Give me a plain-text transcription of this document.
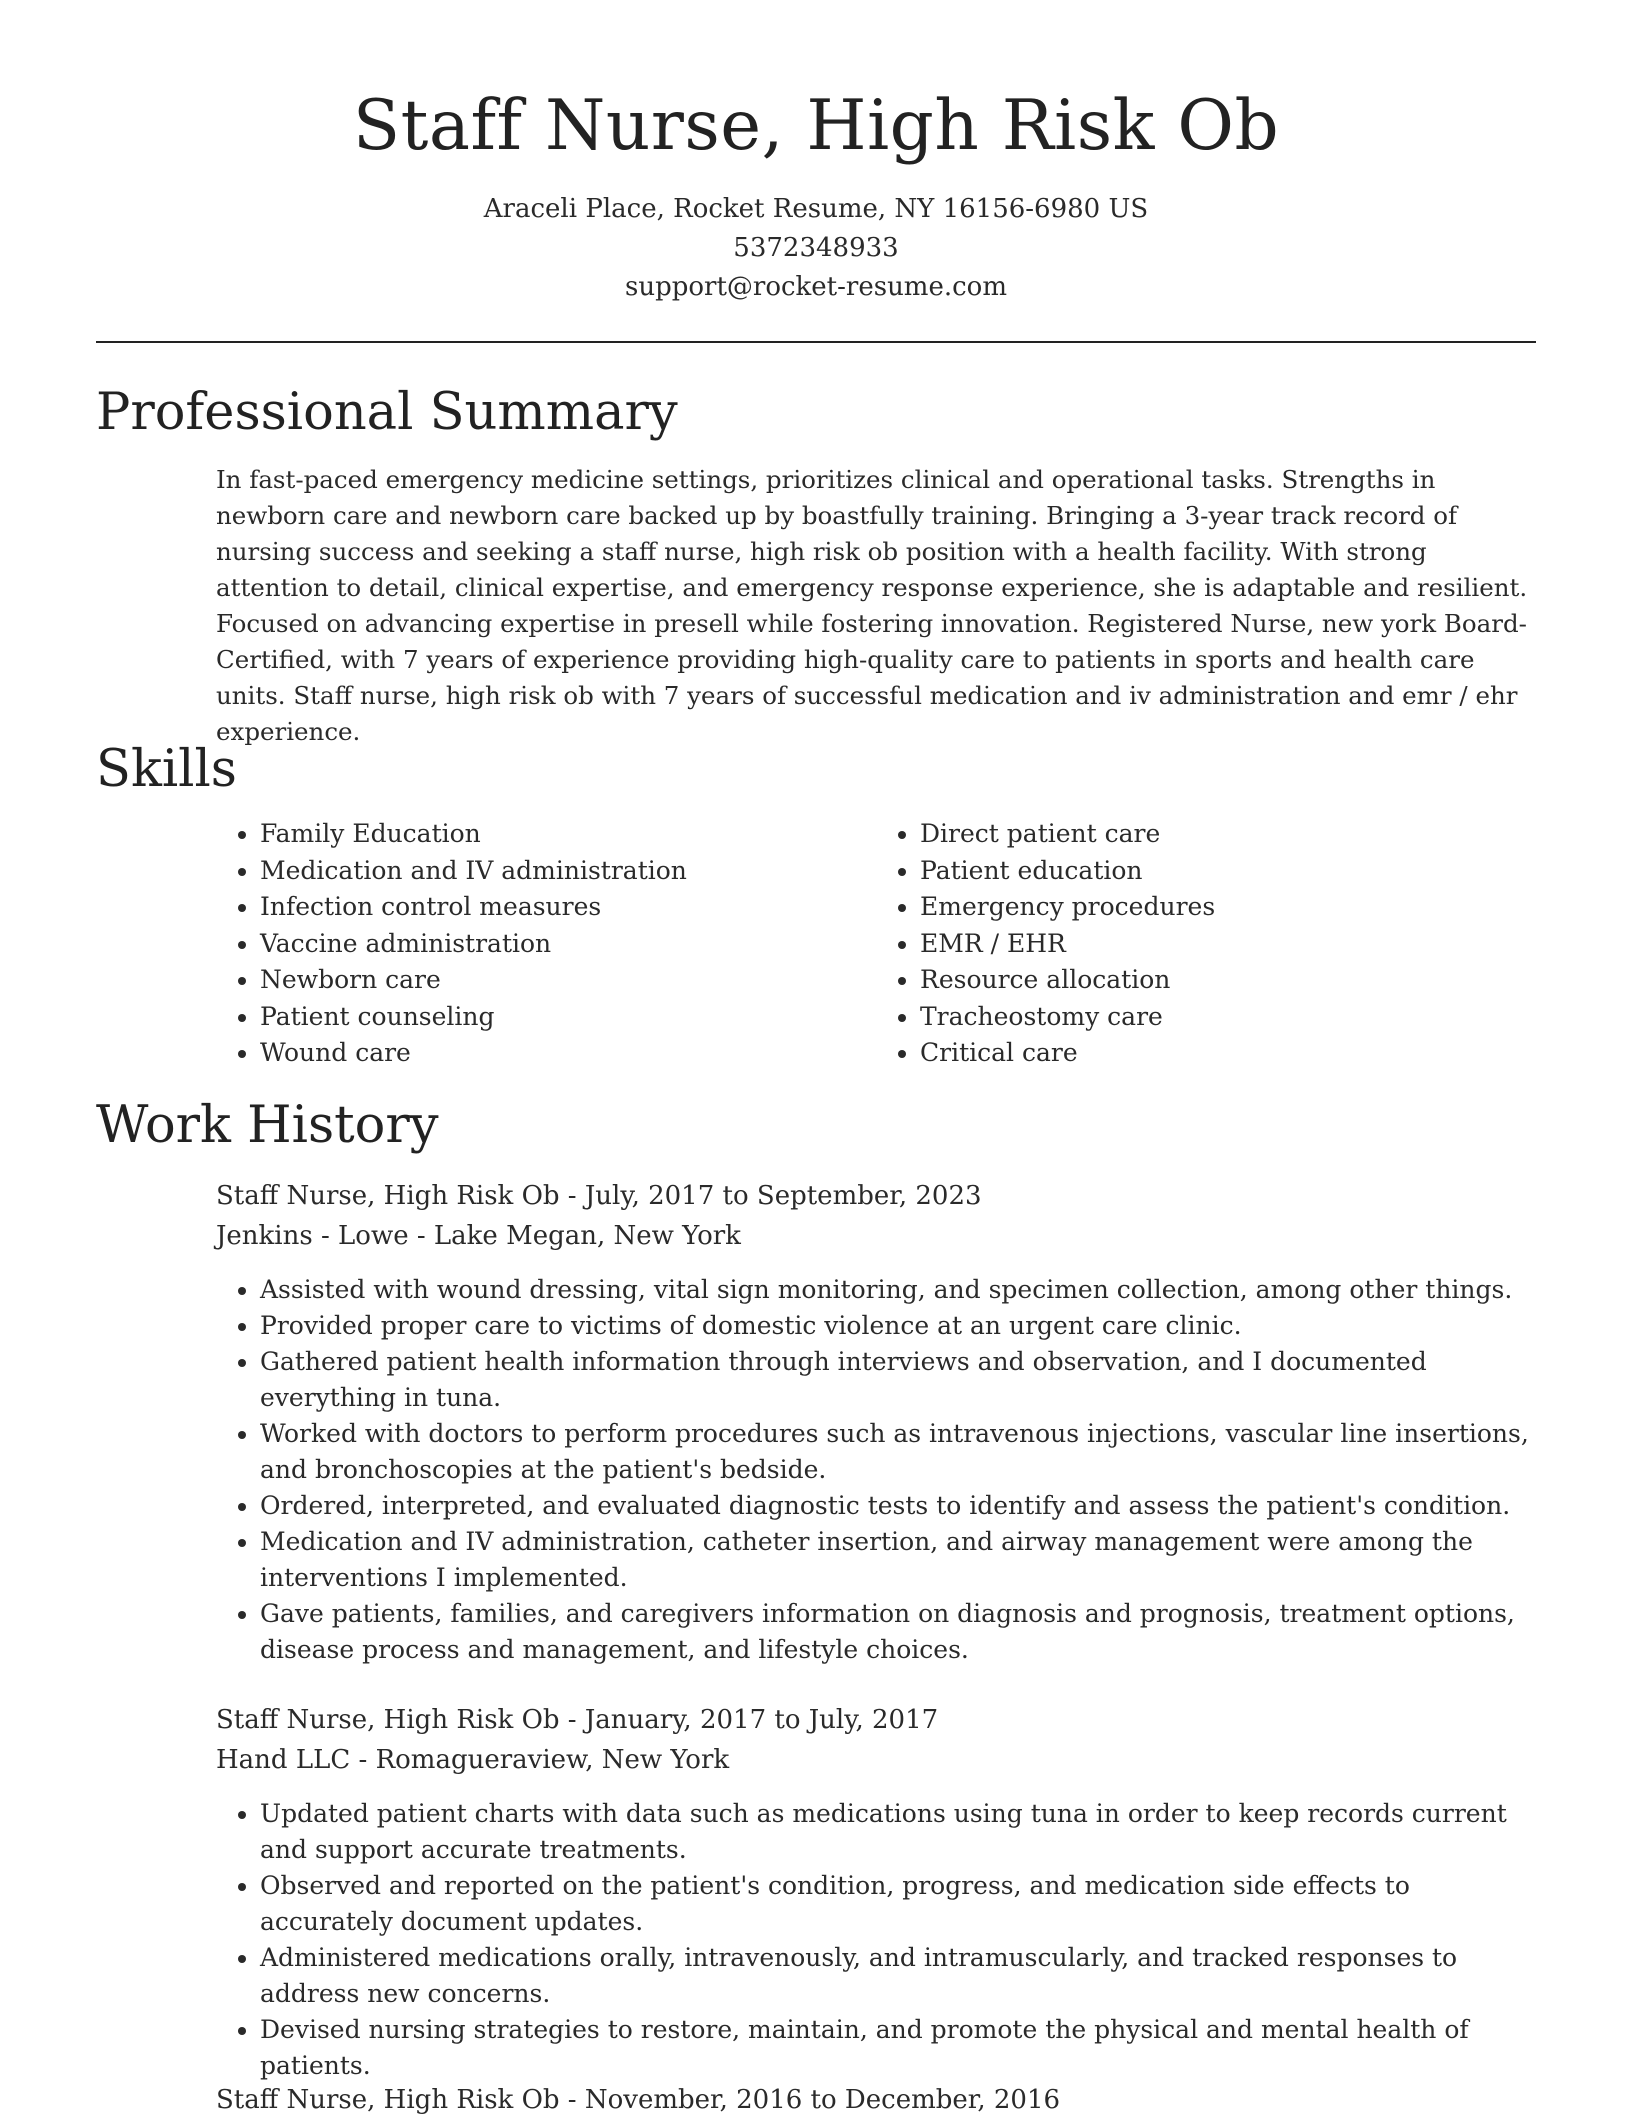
Staff Nurse, High Risk Ob
Araceli Place, Rocket Resume, NY 16156-6980 US
5372348933
support@rocket-resume.com
Professional Summary

In fast-paced emergency medicine settings, prioritizes clinical and operational tasks. Strengths in newborn care and newborn care backed up by boastfully training. Bringing a 3-year track record of nursing success and seeking a staff nurse, high risk ob position with a health facility. With strong attention to detail, clinical expertise, and emergency response experience, she is adaptable and resilient. Focused on advancing expertise in presell while fostering innovation. Registered Nurse, new york Board-Certified, with 7 years of experience providing high-quality care to patients in sports and health care units. Staff nurse, high risk ob with 7 years of successful medication and iv administration and emr / ehr experience.

Skills
• Family Education
• Medication and IV administration
• Infection control measures
• Vaccine administration
• Newborn care
• Patient counseling
• Wound care
• Direct patient care
• Patient education
• Emergency procedures
• EMR / EHR
• Resource allocation
• Tracheostomy care
• Critical care
Work History
Staff Nurse, High Risk Ob - July, 2017 to September, 2023
Jenkins - Lowe - Lake Megan, New York
• Assisted with wound dressing, vital sign monitoring, and specimen collection, among other things.
• Provided proper care to victims of domestic violence at an urgent care clinic.
• Gathered patient health information through interviews and observation, and I documented everything in tuna.
• Worked with doctors to perform procedures such as intravenous injections, vascular line insertions, and bronchoscopies at the patient's bedside.
• Ordered, interpreted, and evaluated diagnostic tests to identify and assess the patient's condition.
• Medication and IV administration, catheter insertion, and airway management were among the interventions I implemented.
• Gave patients, families, and caregivers information on diagnosis and prognosis, treatment options, disease process and management, and lifestyle choices.
Staff Nurse, High Risk Ob - January, 2017 to July, 2017
Hand LLC - Romagueraview, New York
• Updated patient charts with data such as medications using tuna in order to keep records current and support accurate treatments.
• Observed and reported on the patient's condition, progress, and medication side effects to accurately document updates.
• Administered medications orally, intravenously, and intramuscularly, and tracked responses to address new concerns.
• Devised nursing strategies to restore, maintain, and promote the physical and mental health of patients.
Staff Nurse, High Risk Ob - November, 2016 to December, 2016
